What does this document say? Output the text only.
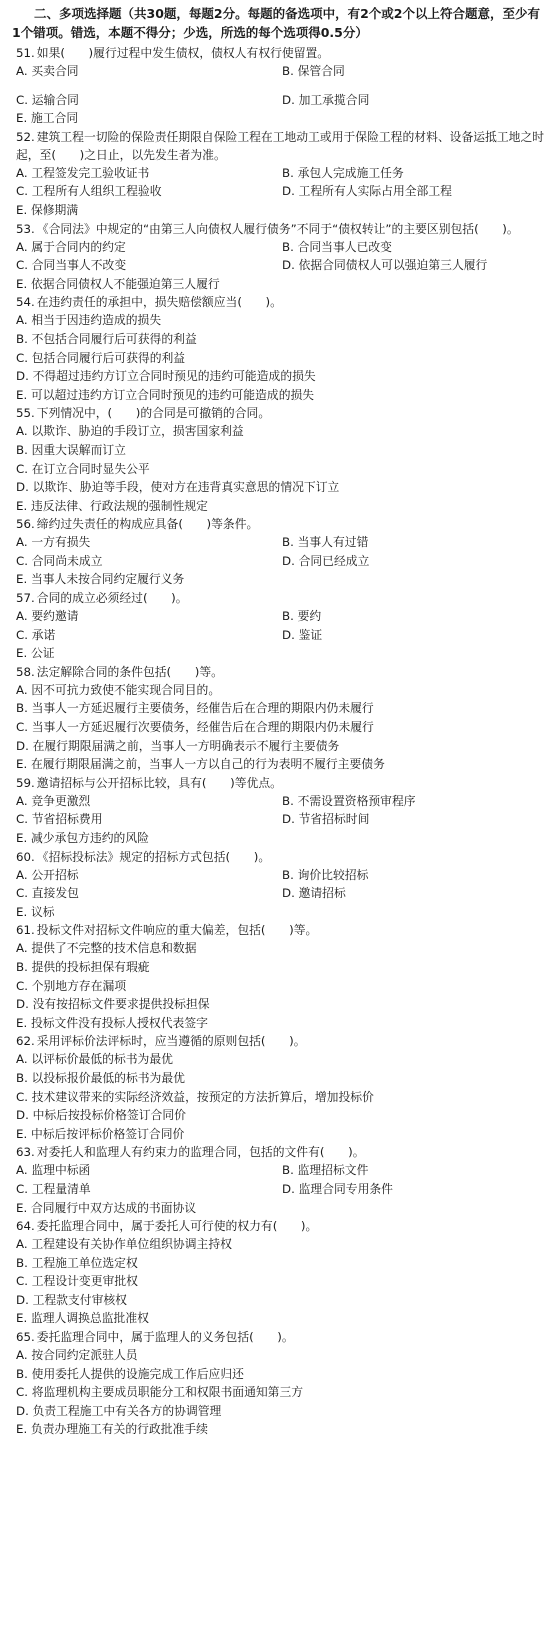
二、多项选择题（共30题，每题2分。每题的备选项中，有2个或2个以上符合题意，至少有1个错项。错选，本题不得分；少选，所选的每个选项得0.5分）
51. 如果(　　)履行过程中发生债权，债权人有权行使留置。
A. 买卖合同	B. 保管合同
C. 运输合同	D. 加工承揽合同
E. 施工合同
52. 建筑工程一切险的保险责任期限自保险工程在工地动工或用于保险工程的材料、设备运抵工地之时起，至(　　)之日止，以先发生者为准。
A. 工程签发完工验收证书	B. 承包人完成施工任务
C. 工程所有人组织工程验收	D. 工程所有人实际占用全部工程
E. 保修期满
53. 《合同法》中规定的“由第三人向债权人履行债务”不同于“债权转让”的主要区别包括(　　)。
A. 属于合同内的约定	B. 合同当事人已改变
C. 合同当事人不改变	D. 依据合同债权人可以强迫第三人履行
E. 依据合同债权人不能强迫第三人履行
54. 在违约责任的承担中，损失赔偿额应当(　　)。
A. 相当于因违约造成的损失
B. 不包括合同履行后可获得的利益
C. 包括合同履行后可获得的利益
D. 不得超过违约方订立合同时预见的违约可能造成的损失
E. 可以超过违约方订立合同时预见的违约可能造成的损失
55. 下列情况中，(　　)的合同是可撤销的合同。
A. 以欺诈、胁迫的手段订立，损害国家利益
B. 因重大误解而订立
C. 在订立合同时显失公平
D. 以欺诈、胁迫等手段，使对方在违背真实意思的情况下订立
E. 违反法律、行政法规的强制性规定
56. 缔约过失责任的构成应具备(　　)等条件。
A. 一方有损失	B. 当事人有过错
C. 合同尚未成立	D. 合同已经成立
E. 当事人未按合同约定履行义务
57. 合同的成立必须经过(　　)。
A. 要约邀请	B. 要约
C. 承诺	D. 鉴证
E. 公证
58. 法定解除合同的条件包括(　　)等。
A. 因不可抗力致使不能实现合同目的。
B. 当事人一方延迟履行主要债务，经催告后在合理的期限内仍未履行
C. 当事人一方延迟履行次要债务，经催告后在合理的期限内仍未履行
D. 在履行期限届满之前，当事人一方明确表示不履行主要债务
E. 在履行期限届满之前，当事人一方以自己的行为表明不履行主要债务
59. 邀请招标与公开招标比较，具有(　　)等优点。
A. 竞争更激烈	B. 不需设置资格预审程序
C. 节省招标费用	D. 节省招标时间
E. 减少承包方违约的风险
60. 《招标投标法》规定的招标方式包括(　　)。
A. 公开招标	B. 询价比较招标
C. 直接发包	D. 邀请招标
E. 议标
61. 投标文件对招标文件响应的重大偏差，包括(　　)等。
A. 提供了不完整的技术信息和数据
B. 提供的投标担保有瑕疵
C. 个别地方存在漏项
D. 没有按招标文件要求提供投标担保
E. 投标文件没有投标人授权代表签字
62. 采用评标价法评标时，应当遵循的原则包括(　　)。
A. 以评标价最低的标书为最优
B. 以投标报价最低的标书为最优
C. 技术建议带来的实际经济效益，按预定的方法折算后，增加投标价
D. 中标后按投标价格签订合同价
E. 中标后按评标价格签订合同价
63. 对委托人和监理人有约束力的监理合同，包括的文件有(　　)。
A. 监理中标函	B. 监理招标文件
C. 工程量清单	D. 监理合同专用条件
E. 合同履行中双方达成的书面协议
64. 委托监理合同中，属于委托人可行使的权力有(　　)。
A. 工程建设有关协作单位组织协调主持权
B. 工程施工单位选定权
C. 工程设计变更审批权
D. 工程款支付审核权
E. 监理人调换总监批准权
65. 委托监理合同中，属于监理人的义务包括(　　)。
A. 按合同约定派驻人员
B. 使用委托人提供的设施完成工作后应归还
C. 将监理机构主要成员职能分工和权限书面通知第三方
D. 负责工程施工中有关各方的协调管理
E. 负责办理施工有关的行政批准手续
